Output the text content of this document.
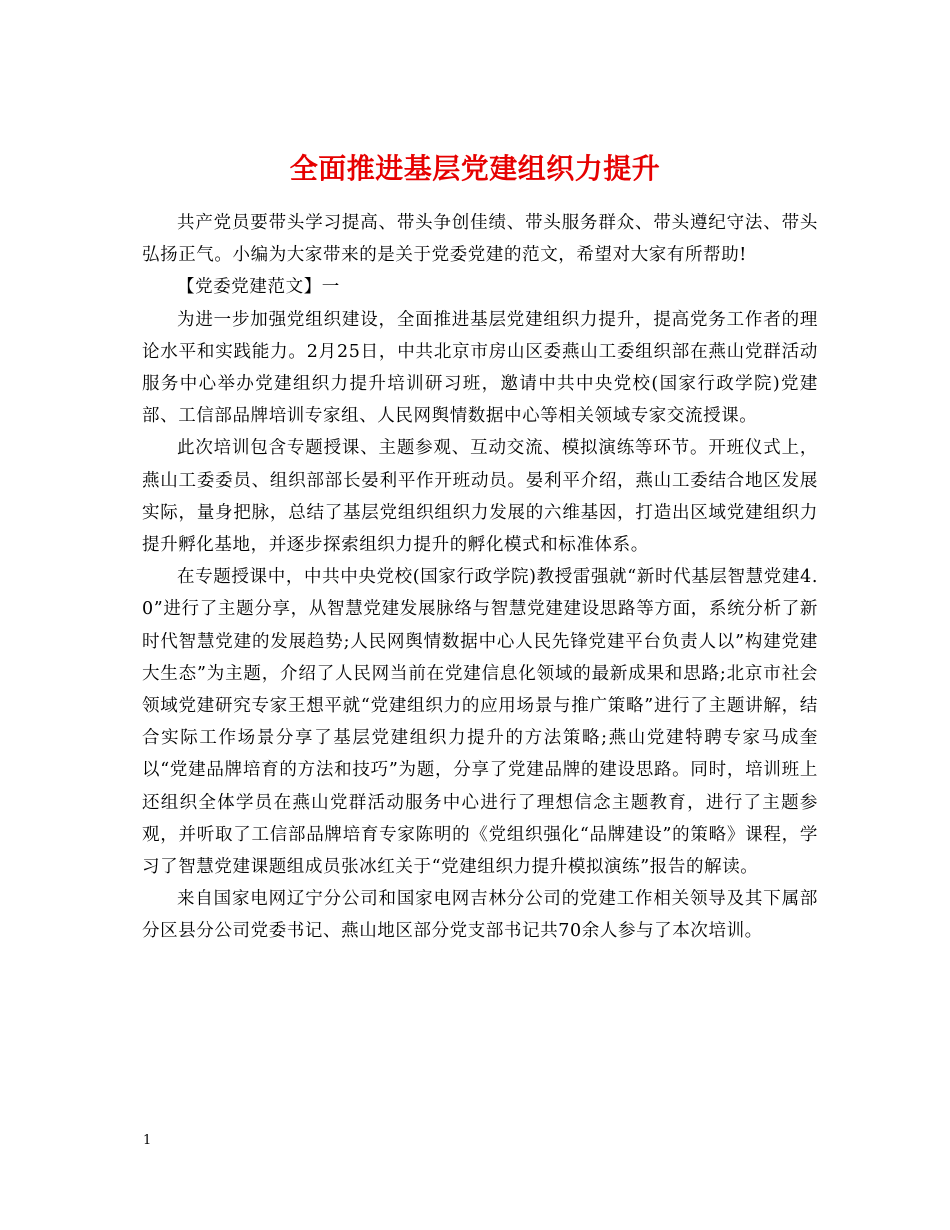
全面推进基层党建组织力提升

共产党员要带头学习提高、带头争创佳绩、带头服务群众、带头遵纪守法、带头弘扬正气。小编为大家带来的是关于党委党建的范文，希望对大家有所帮助!

【党委党建范文】一

为进一步加强党组织建设，全面推进基层党建组织力提升，提高党务工作者的理论水平和实践能力。2月25日，中共北京市房山区委燕山工委组织部在燕山党群活动服务中心举办党建组织力提升培训研习班，邀请中共中央党校(国家行政学院)党建部、工信部品牌培训专家组、人民网舆情数据中心等相关领域专家交流授课。

此次培训包含专题授课、主题参观、互动交流、模拟演练等环节。开班仪式上，燕山工委委员、组织部部长晏利平作开班动员。晏利平介绍，燕山工委结合地区发展实际，量身把脉，总结了基层党组织组织力发展的六维基因，打造出区域党建组织力提升孵化基地，并逐步探索组织力提升的孵化模式和标准体系。

在专题授课中，中共中央党校(国家行政学院)教授雷强就“新时代基层智慧党建4.0”进行了主题分享，从智慧党建发展脉络与智慧党建建设思路等方面，系统分析了新时代智慧党建的发展趋势;人民网舆情数据中心人民先锋党建平台负责人以”构建党建大生态”为主题，介绍了人民网当前在党建信息化领域的最新成果和思路;北京市社会领域党建研究专家王想平就“党建组织力的应用场景与推广策略”进行了主题讲解，结合实际工作场景分享了基层党建组织力提升的方法策略;燕山党建特聘专家马成奎以“党建品牌培育的方法和技巧”为题，分享了党建品牌的建设思路。同时，培训班上还组织全体学员在燕山党群活动服务中心进行了理想信念主题教育，进行了主题参观，并听取了工信部品牌培育专家陈明的《党组织强化“品牌建设”的策略》课程，学习了智慧党建课题组成员张冰红关于“党建组织力提升模拟演练”报告的解读。

来自国家电网辽宁分公司和国家电网吉林分公司的党建工作相关领导及其下属部分区县分公司党委书记、燕山地区部分党支部书记共70余人参与了本次培训。

1
